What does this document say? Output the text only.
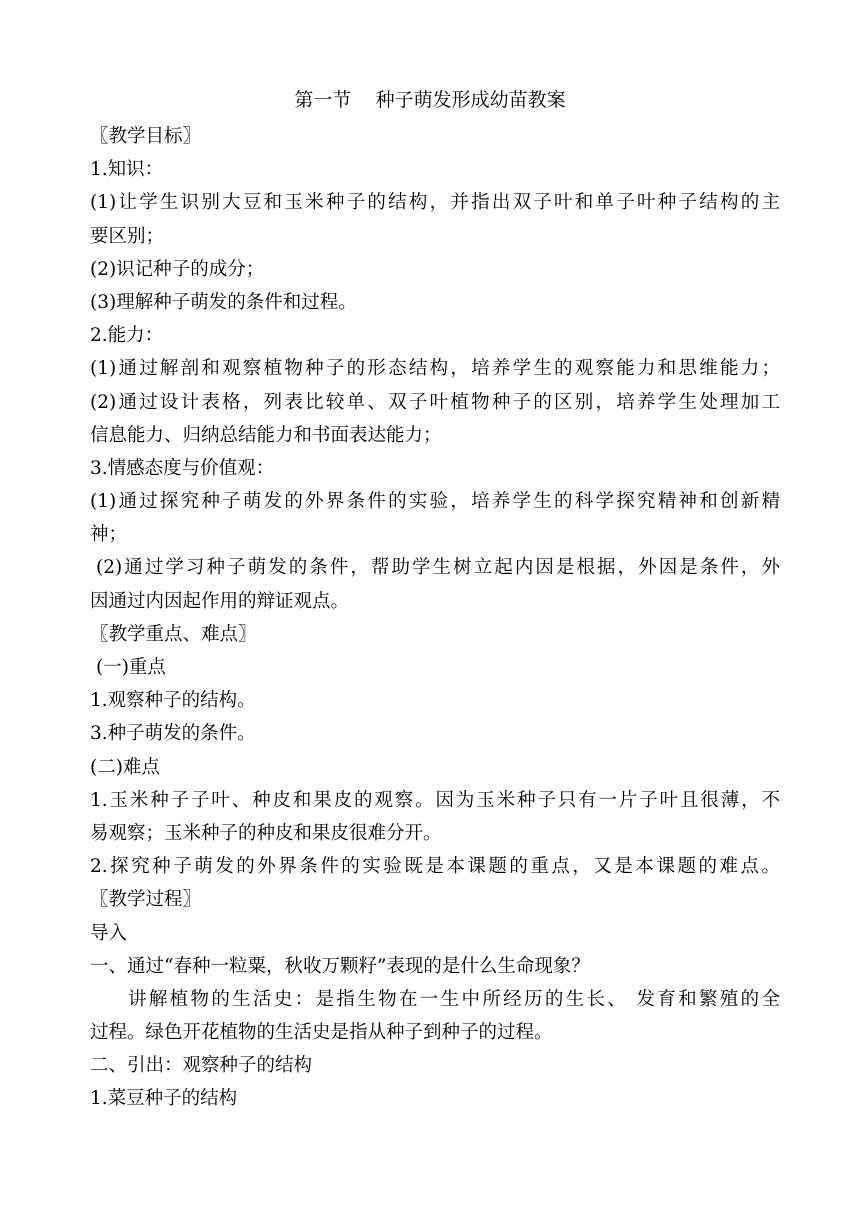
第一节    种子萌发形成幼苗教案
〖教学目标〗
1.知识：
(1)让学生识别大豆和玉米种子的结构，并指出双子叶和单子叶种子结构的主
要区别；
(2)识记种子的成分；
(3)理解种子萌发的条件和过程。
2.能力：
(1)通过解剖和观察植物种子的形态结构，培养学生的观察能力和思维能力；
(2)通过设计表格，列表比较单、双子叶植物种子的区别，培养学生处理加工
信息能力、归纳总结能力和书面表达能力；
3.情感态度与价值观：
(1)通过探究种子萌发的外界条件的实验，培养学生的科学探究精神和创新精
神；
(2)通过学习种子萌发的条件，帮助学生树立起内因是根据，外因是条件，外
因通过内因起作用的辩证观点。
〖教学重点、难点〗
(一)重点
1.观察种子的结构。
3.种子萌发的条件。
(二)难点
1.玉米种子子叶、种皮和果皮的观察。因为玉米种子只有一片子叶且很薄，不
易观察；玉米种子的种皮和果皮很难分开。
2.探究种子萌发的外界条件的实验既是本课题的重点，又是本课题的难点。
〖教学过程〗
导入
一、通过“春种一粒粟，秋收万颗籽”表现的是什么生命现象？
讲解植物的生活史：是指生物在一生中所经历的生长、 发育和繁殖的全
过程。绿色开花植物的生活史是指从种子到种子的过程。
二、引出：观察种子的结构
1.菜豆种子的结构
